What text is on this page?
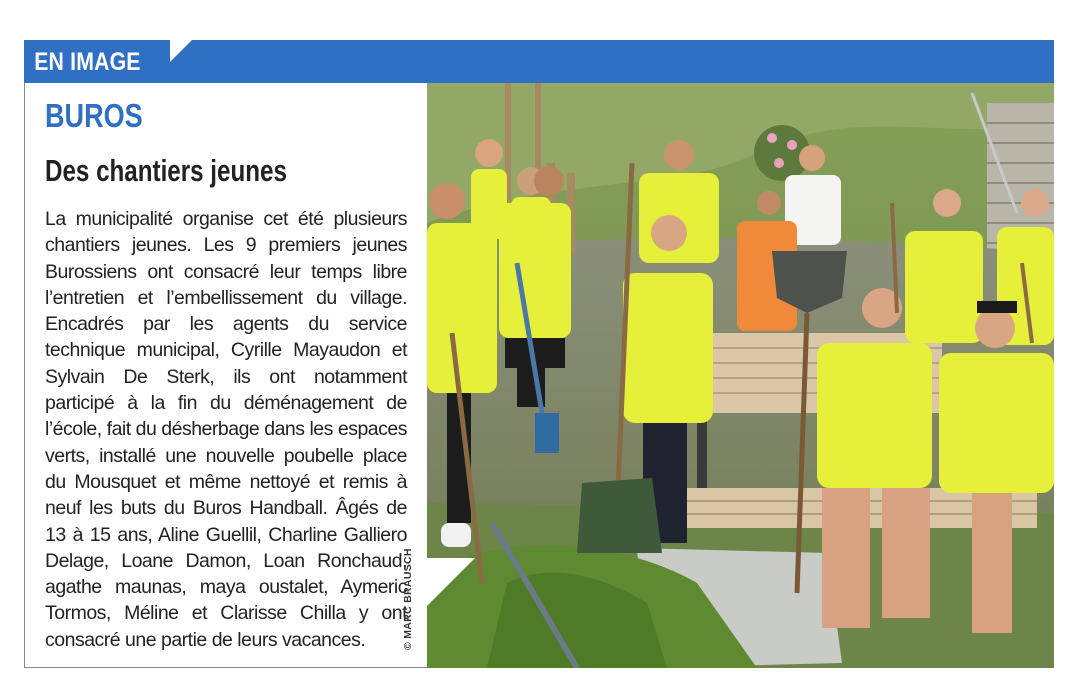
EN IMAGE
BUROS
Des chantiers jeunes

La municipalité organise cet été plusieurs chantiers jeunes. Les 9 premiers jeunes Burossiens ont consacré leur temps libre l’entretien et l’embellissement du village. Encadrés par les agents du service technique municipal, Cyrille Mayaudon et Sylvain De Sterk, ils ont notamment participé à la fin du déménagement de l’école, fait du désherbage dans les espaces verts, installé une nouvelle poubelle place du Mousquet et même nettoyé et remis à neuf les buts du Buros Handball. Âgés de 13 à 15 ans, Aline Guellil, Charline Galliero Delage, Loane Damon, Loan Ronchaud, agathe maunas, maya oustalet, Aymeric Tormos, Méline et Clarisse Chilla y ont consacré une partie de leurs vacances.	© MARC BRAUSCH
